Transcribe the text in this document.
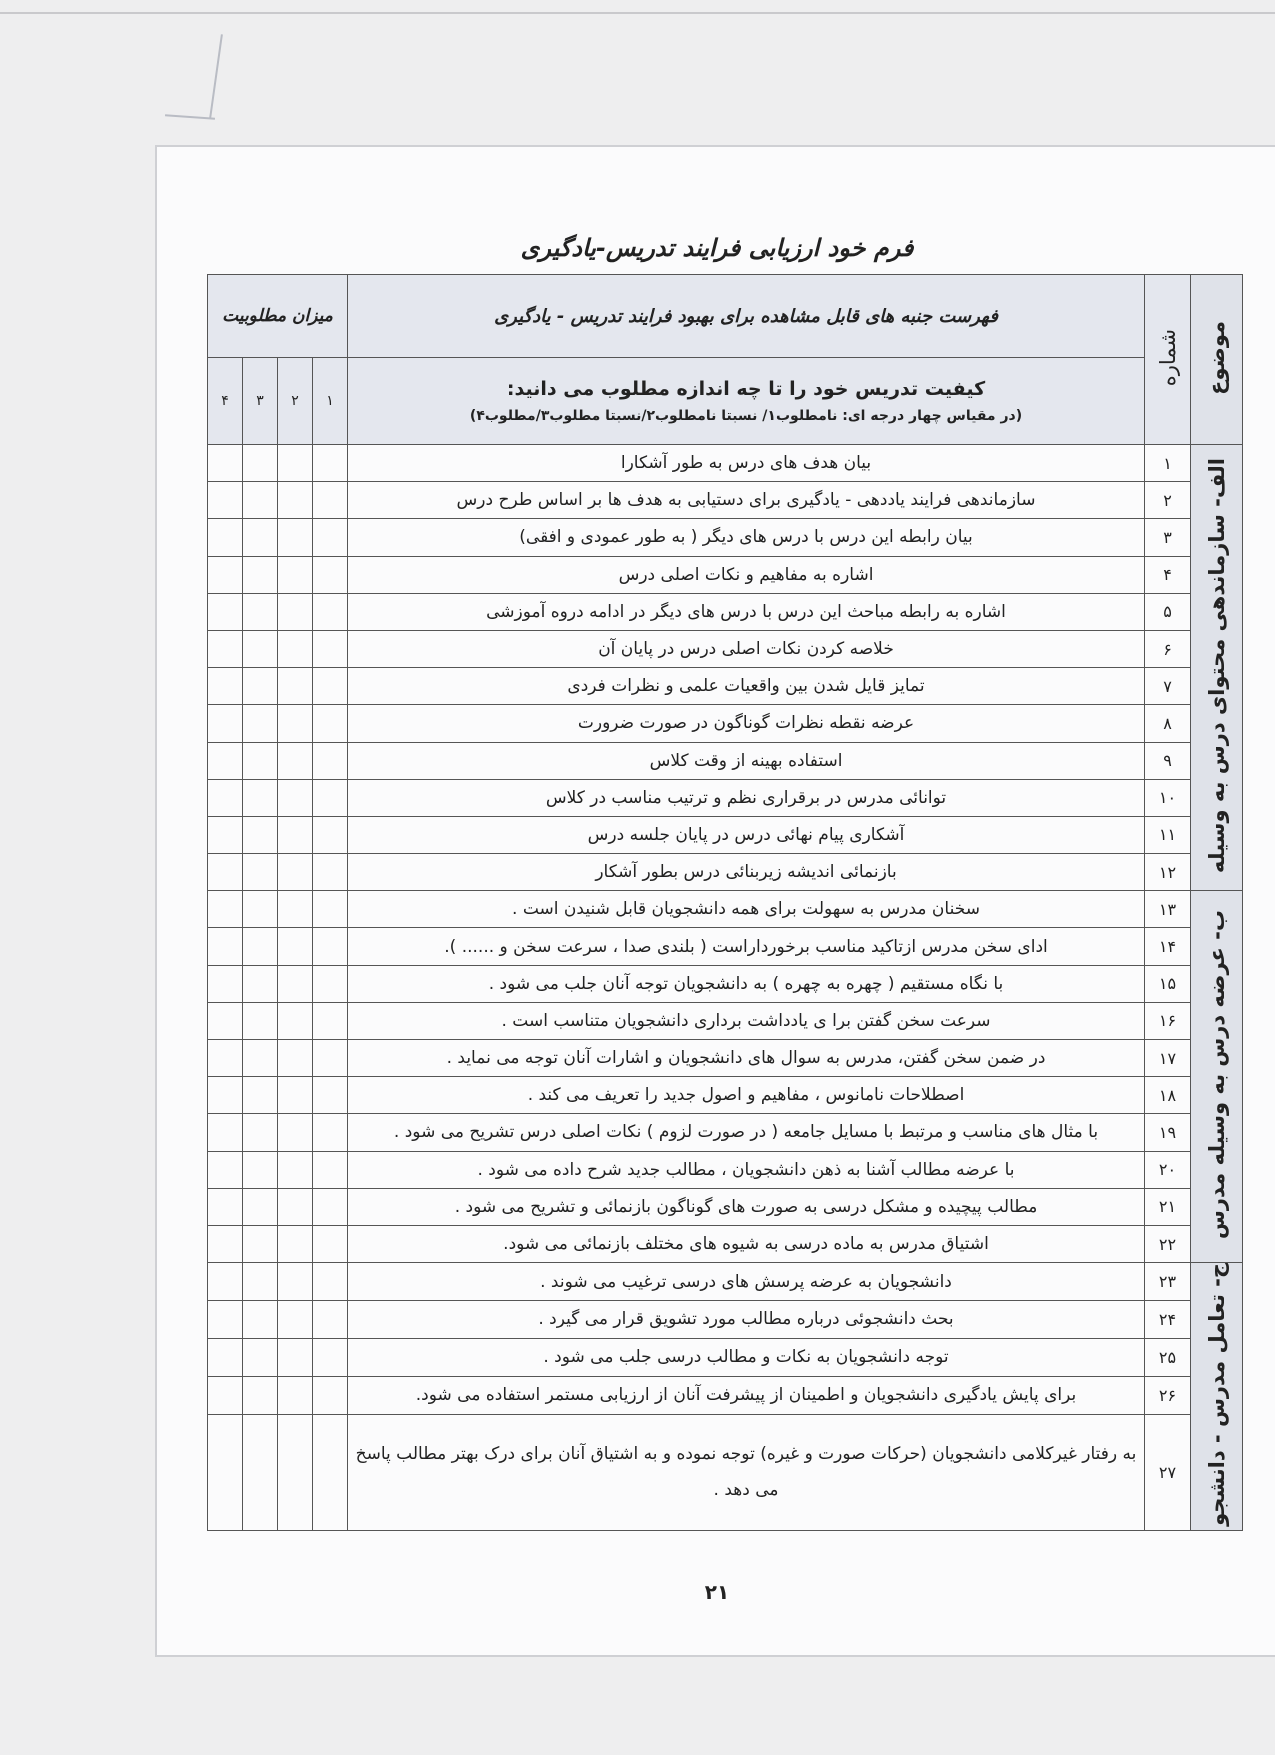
فرم خود ارزیابی فرایند تدریس-یادگیری
موضوع	شماره	فهرست جنبه های قابل مشاهده برای بهبود فرایند تدریس - یادگیری	میزان مطلوبیت			

		کیفیت تدریس خود را تا چه اندازه مطلوب می دانید:
(در مقیاس چهار درجه ای: نامطلوب۱/ نسبتا نامطلوب۲/نسبتا مطلوب۳/مطلوب۴)	۱	۲	۳	۴
الف- سازماندهی محتوای درس به وسیله	۱	بیان هدف های درس به طور آشکارا				
	۲	سازماندهی فرایند یاددهی - یادگیری برای دستیابی به هدف ها بر اساس طرح درس				
	۳	بیان رابطه این درس با درس های دیگر ( به طور عمودی و افقی)				
	۴	اشاره به مفاهیم و نکات اصلی درس				
	۵	اشاره به رابطه مباحث این درس با درس های دیگر در ادامه دروه آموزشی				
	۶	خلاصه کردن نکات اصلی درس در پایان آن				
	۷	تمایز قایل شدن بین واقعیات علمی و نظرات فردی				
	۸	عرضه نقطه نظرات گوناگون در صورت ضرورت				
	۹	استفاده بهینه از وقت کلاس				
	۱۰	توانائی مدرس در برقراری نظم و ترتیب مناسب در کلاس				
	۱۱	آشکاری پیام نهائی درس در پایان جلسه درس				
	۱۲	بازنمائی اندیشه زیربنائی درس بطور آشکار				
ب- عرضه درس به وسیله مدرس	۱۳	سخنان مدرس به سهولت برای همه دانشجویان قابل شنیدن است .				
	۱۴	ادای سخن مدرس ازتاکید مناسب برخورداراست ( بلندی صدا ، سرعت سخن و ...... ).				
	۱۵	با نگاه مستقیم ( چهره به چهره ) به دانشجویان توجه آنان جلب می شود .				
	۱۶	سرعت سخن گفتن برا ی یادداشت برداری دانشجویان متناسب است .				
	۱۷	در ضمن سخن گفتن، مدرس به سوال های دانشجویان و اشارات آنان توجه می نماید .				
	۱۸	اصطلاحات نامانوس ، مفاهیم و اصول جدید را تعریف می کند .				
	۱۹	با مثال های مناسب و مرتبط با مسایل جامعه ( در صورت لزوم ) نکات اصلی درس تشریح می شود .				
	۲۰	با عرضه مطالب آشنا به ذهن دانشجویان ، مطالب جدید شرح داده می شود .				
	۲۱	مطالب پیچیده و مشکل درسی به صورت های گوناگون بازنمائی و تشریح می شود .				
	۲۲	اشتیاق مدرس به ماده درسی به شیوه های مختلف بازنمائی می شود.				
ج- تعامل مدرس - دانشجو	۲۳	دانشجویان به عرضه پرسش های درسی ترغیب می شوند .				
	۲۴	بحث دانشجوئی درباره مطالب مورد تشویق قرار می گیرد .				
	۲۵	توجه دانشجویان به نکات و مطالب درسی جلب می شود .				
	۲۶	برای پایش یادگیری دانشجویان و اطمینان از پیشرفت آنان از ارزیابی مستمر استفاده می شود.				
	۲۷	به رفتار غیرکلامی دانشجویان (حرکات صورت و غیره) توجه نموده و به اشتیاق آنان برای درک بهتر مطالب پاسخ می دهد .				
۲۱
